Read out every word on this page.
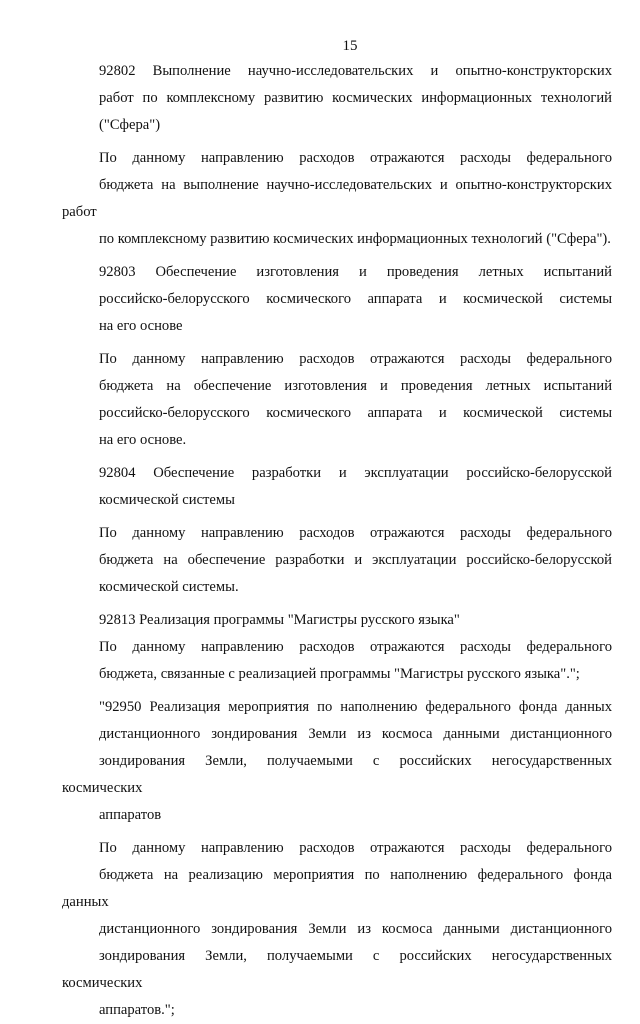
15
92802 Выполнение научно-исследовательских и опытно-конструкторских
работ по комплексному развитию космических информационных технологий
("Сфера")
По данному направлению расходов отражаются расходы федерального
бюджета на выполнение научно-исследовательских и опытно-конструкторских работ
по комплексному развитию космических информационных технологий ("Сфера").
92803 Обеспечение изготовления и проведения летных испытаний
российско-белорусского космического аппарата и космической системы
на его основе
По данному направлению расходов отражаются расходы федерального
бюджета на обеспечение изготовления и проведения летных испытаний
российско-белорусского космического аппарата и космической системы
на его основе.
92804 Обеспечение разработки и эксплуатации российско-белорусской
космической системы
По данному направлению расходов отражаются расходы федерального
бюджета на обеспечение разработки и эксплуатации российско-белорусской
космической системы.
92813 Реализация программы "Магистры русского языка"
По данному направлению расходов отражаются расходы федерального
бюджета, связанные с реализацией программы "Магистры русского языка".";
"92950 Реализация мероприятия по наполнению федерального фонда данных
дистанционного зондирования Земли из космоса данными дистанционного
зондирования Земли, получаемыми с российских негосударственных космических
аппаратов
По данному направлению расходов отражаются расходы федерального
бюджета на реализацию мероприятия по наполнению федерального фонда данных
дистанционного зондирования Земли из космоса данными дистанционного
зондирования Земли, получаемыми с российских негосударственных космических
аппаратов.";
